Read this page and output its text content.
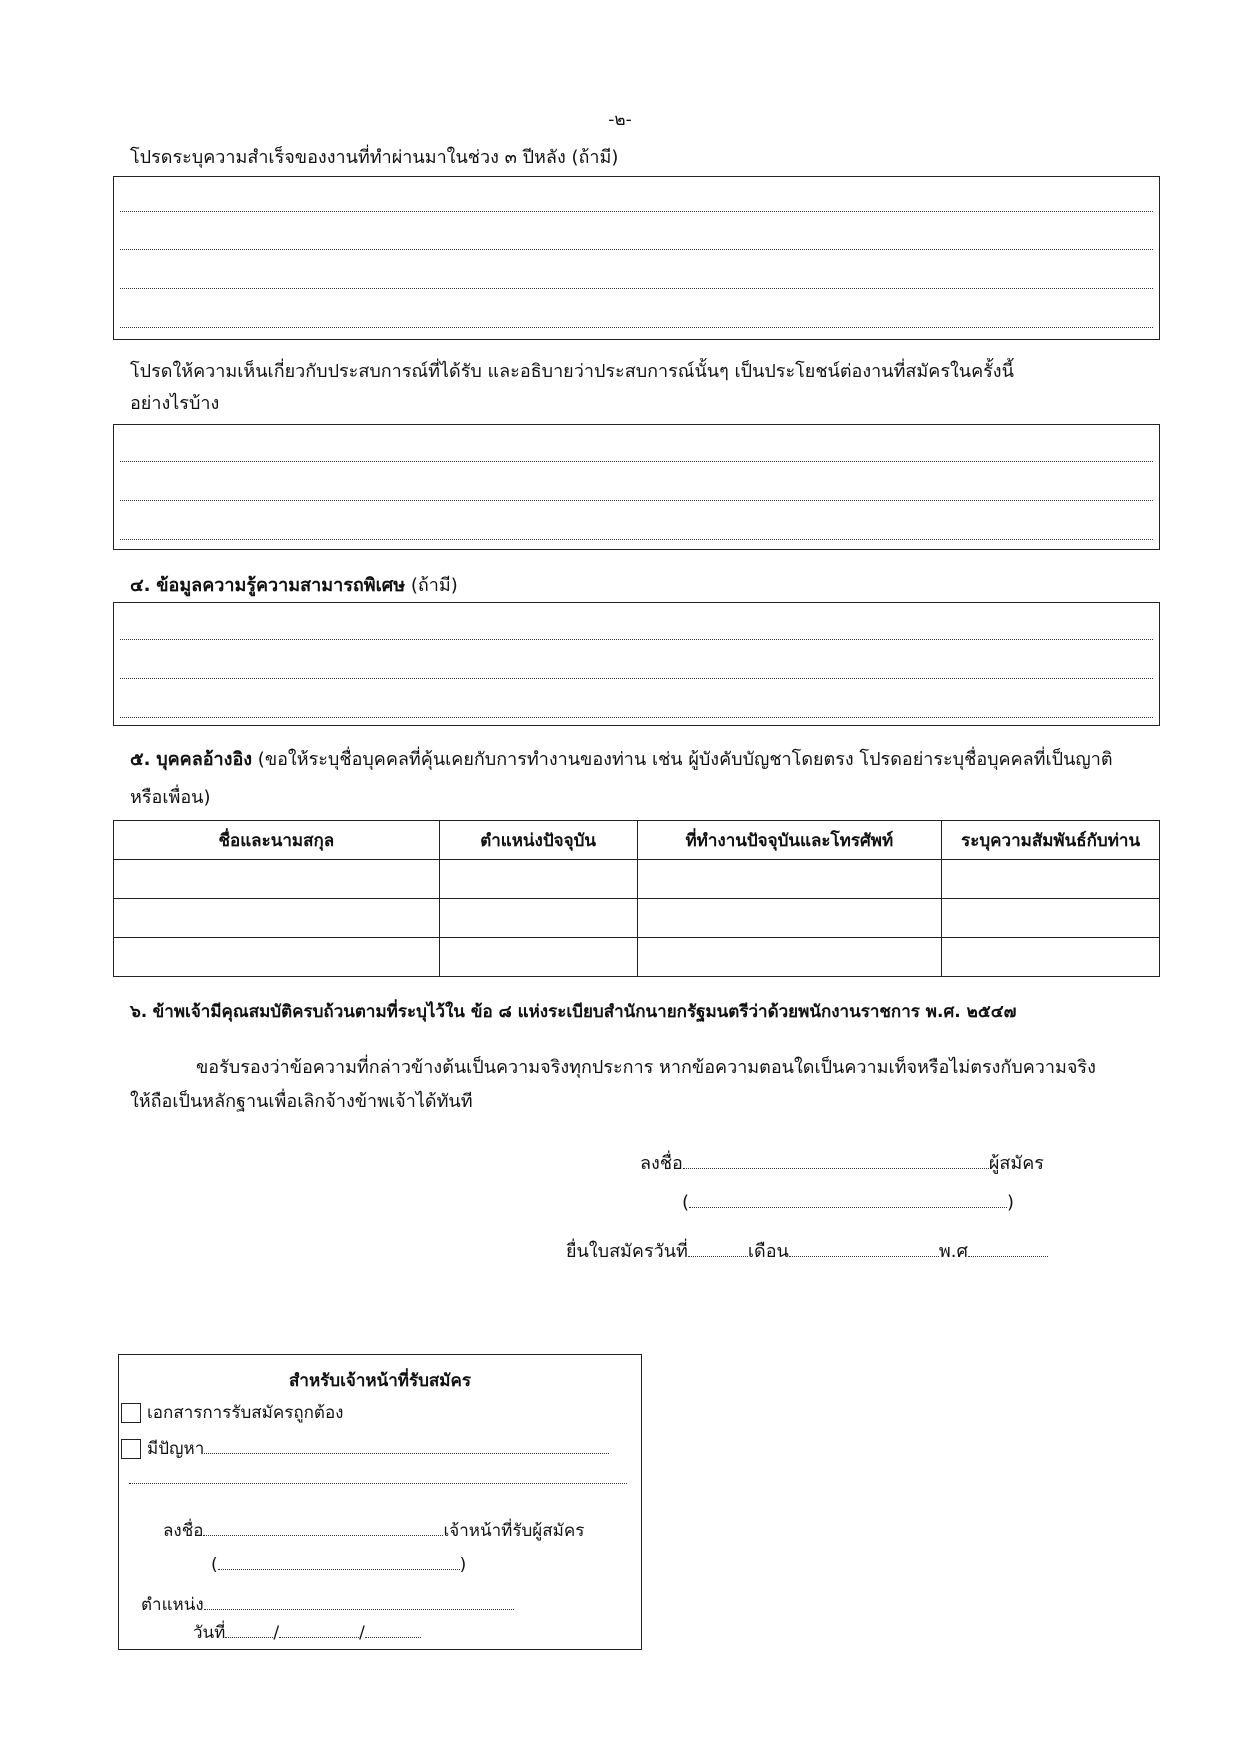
-๒-
โปรดระบุความสำเร็จของงานที่ทำผ่านมาในช่วง ๓ ปีหลัง (ถ้ามี)
โปรดให้ความเห็นเกี่ยวกับประสบการณ์ที่ได้รับ และอธิบายว่าประสบการณ์นั้นๆ เป็นประโยชน์ต่องานที่สมัครในครั้งนี้
อย่างไรบ้าง
๔. ข้อมูลความรู้ความสามารถพิเศษ (ถ้ามี)
๕. บุคคลอ้างอิง (ขอให้ระบุชื่อบุคคลที่คุ้นเคยกับการทำงานของท่าน เช่น ผู้บังคับบัญชาโดยตรง โปรดอย่าระบุชื่อบุคคลที่เป็นญาติ
หรือเพื่อน)
ชื่อและนามสกุล	ตำแหน่งปัจจุบัน	ที่ทำงานปัจจุบันและโทรศัพท์	ระบุความสัมพันธ์กับท่าน

๖. ข้าพเจ้ามีคุณสมบัติครบถ้วนตามที่ระบุไว้ใน ข้อ ๘ แห่งระเบียบสำนักนายกรัฐมนตรีว่าด้วยพนักงานราชการ พ.ศ. ๒๕๔๗
ขอรับรองว่าข้อความที่กล่าวข้างต้นเป็นความจริงทุกประการ หากข้อความตอนใดเป็นความเท็จหรือไม่ตรงกับความจริง
ให้ถือเป็นหลักฐานเพื่อเลิกจ้างข้าพเจ้าได้ทันที
ลงชื่อ	ผู้สมัคร
(	)
ยื่นใบสมัครวันที่	เดือน	พ.ศ
สำหรับเจ้าหน้าที่รับสมัคร
เอกสารการรับสมัครถูกต้อง
มีปัญหา
ลงชื่อ	เจ้าหน้าที่รับผู้สมัคร
(	)
ตำแหน่ง
วันที่	/	/
